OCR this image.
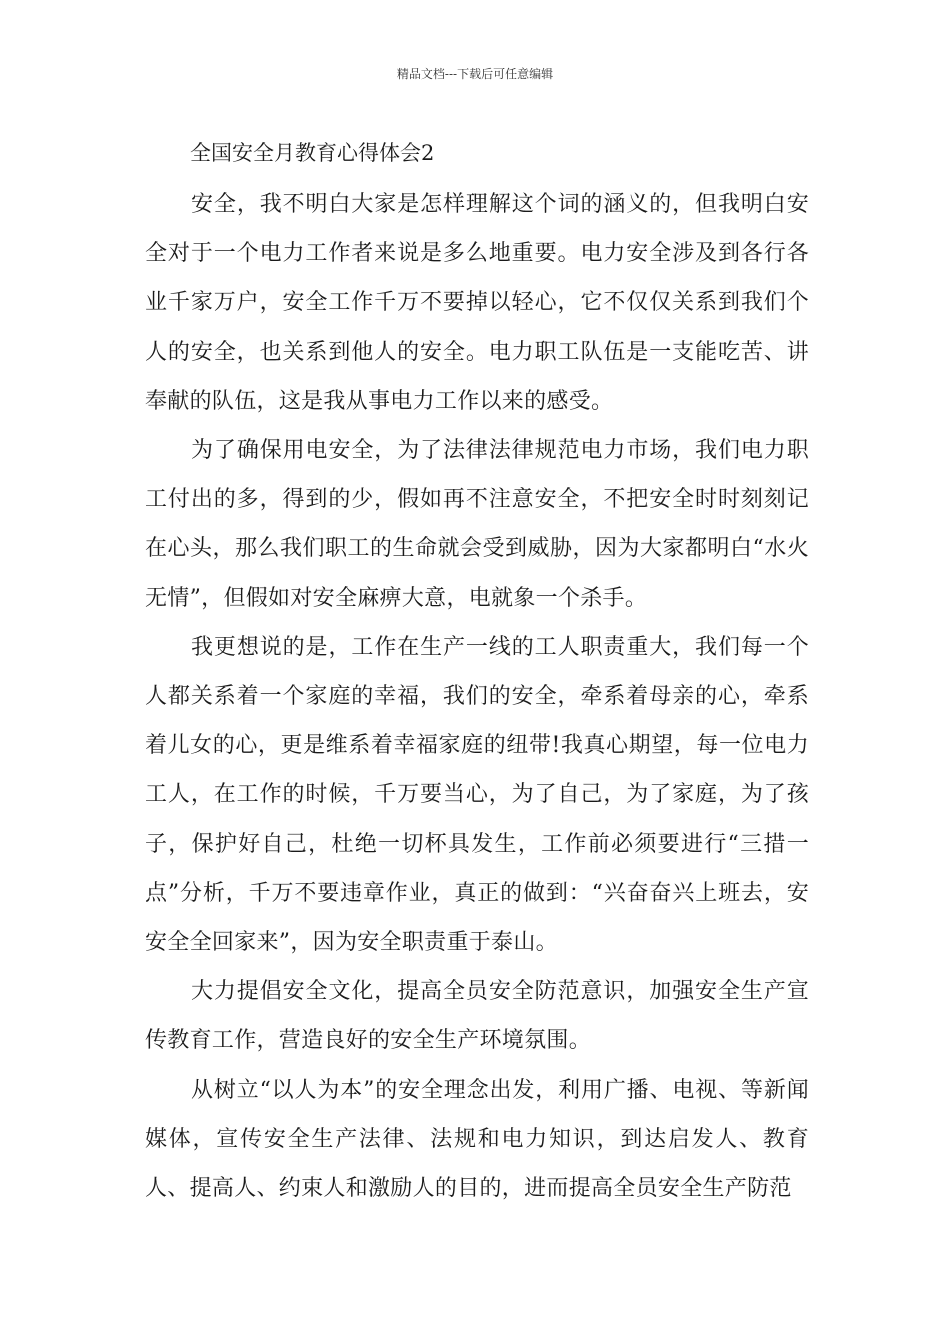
精品文档---下载后可任意编辑
全国安全月教育心得体会2

安全，我不明白大家是怎样理解这个词的涵义的，但我明白安全对于一个电力工作者来说是多么地重要。电力安全涉及到各行各业千家万户，安全工作千万不要掉以轻心，它不仅仅关系到我们个人的安全，也关系到他人的安全。电力职工队伍是一支能吃苦、讲奉献的队伍，这是我从事电力工作以来的感受。

为了确保用电安全，为了法律法律规范电力市场，我们电力职工付出的多，得到的少，假如再不注意安全，不把安全时时刻刻记在心头，那么我们职工的生命就会受到威胁，因为大家都明白“水火无情”，但假如对安全麻痹大意，电就象一个杀手。

我更想说的是，工作在生产一线的工人职责重大，我们每一个人都关系着一个家庭的幸福，我们的安全，牵系着母亲的心，牵系着儿女的心，更是维系着幸福家庭的纽带!我真心期望，每一位电力工人，在工作的时候，千万要当心，为了自己，为了家庭，为了孩子，保护好自己，杜绝一切杯具发生，工作前必须要进行“三措一点”分析，千万不要违章作业，真正的做到：“兴奋奋兴上班去，安安全全回家来”，因为安全职责重于泰山。

大力提倡安全文化，提高全员安全防范意识，加强安全生产宣传教育工作，营造良好的安全生产环境氛围。

从树立“以人为本”的安全理念出发，利用广播、电视、等新闻媒体，宣传安全生产法律、法规和电力知识，到达启发人、教育人、提高人、约束人和激励人的目的，进而提高全员安全生产防范
